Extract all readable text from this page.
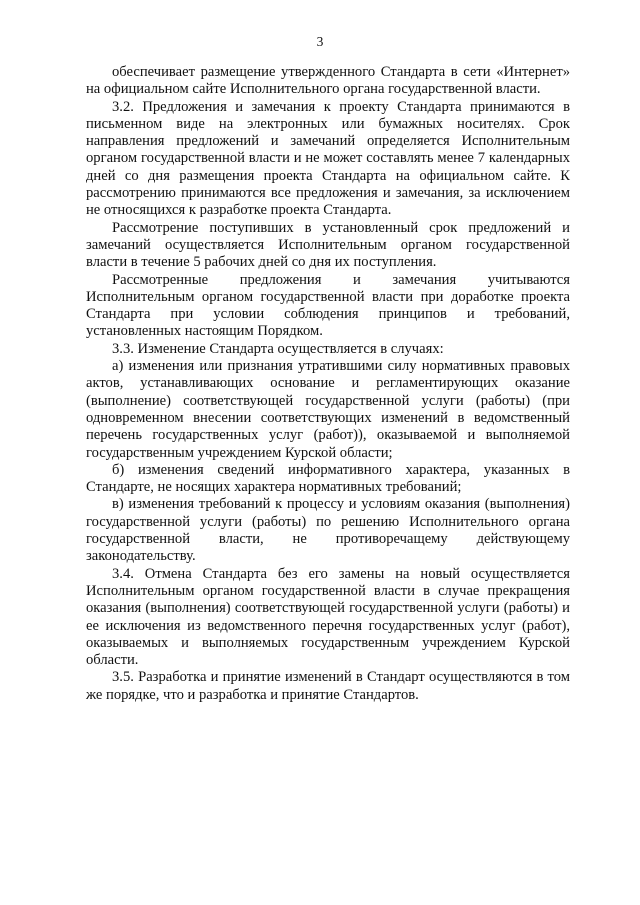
3

обеспечивает размещение утвержденного Стандарта в сети «Интернет» на официальном сайте Исполнительного органа государственной власти.

3.2. Предложения и замечания к проекту Стандарта принимаются в письменном виде на электронных или бумажных носителях. Срок направления предложений и замечаний определяется Исполнительным органом государственной власти и не может составлять менее 7 календарных дней со дня размещения проекта Стандарта на официальном сайте. К рассмотрению принимаются все предложения и замечания, за исключением не относящихся к разработке проекта Стандарта.

Рассмотрение поступивших в установленный срок предложений и замечаний осуществляется Исполнительным органом государственной власти в течение 5 рабочих дней со дня их поступления.

Рассмотренные предложения и замечания учитываются Исполнительным органом государственной власти при доработке проекта Стандарта при условии соблюдения принципов и требований, установленных настоящим Порядком.

3.3. Изменение Стандарта осуществляется в случаях:

а) изменения или признания утратившими силу нормативных правовых

актов, устанавливающих основание и регламентирующих оказание (выполнение) соответствующей государственной услуги (работы) (при одновременном внесении соответствующих изменений в ведомственный перечень государственных услуг (работ)), оказываемой и выполняемой государственным учреждением Курской области;

б) изменения сведений информативного характера, указанных в Стандарте, не носящих характера нормативных требований;

в) изменения требований к процессу и условиям оказания (выполнения)

государственной услуги (работы) по решению Исполнительного органа государственной власти, не противоречащему действующему законодательству.

3.4. Отмена Стандарта без его замены на новый осуществляется Исполнительным органом государственной власти в случае прекращения оказания (выполнения) соответствующей государственной услуги (работы) и ее исключения из ведомственного перечня государственных услуг (работ), оказываемых и выполняемых государственным учреждением Курской области.

3.5. Разработка и принятие изменений в Стандарт осуществляются в том же порядке, что и разработка и принятие Стандартов.
